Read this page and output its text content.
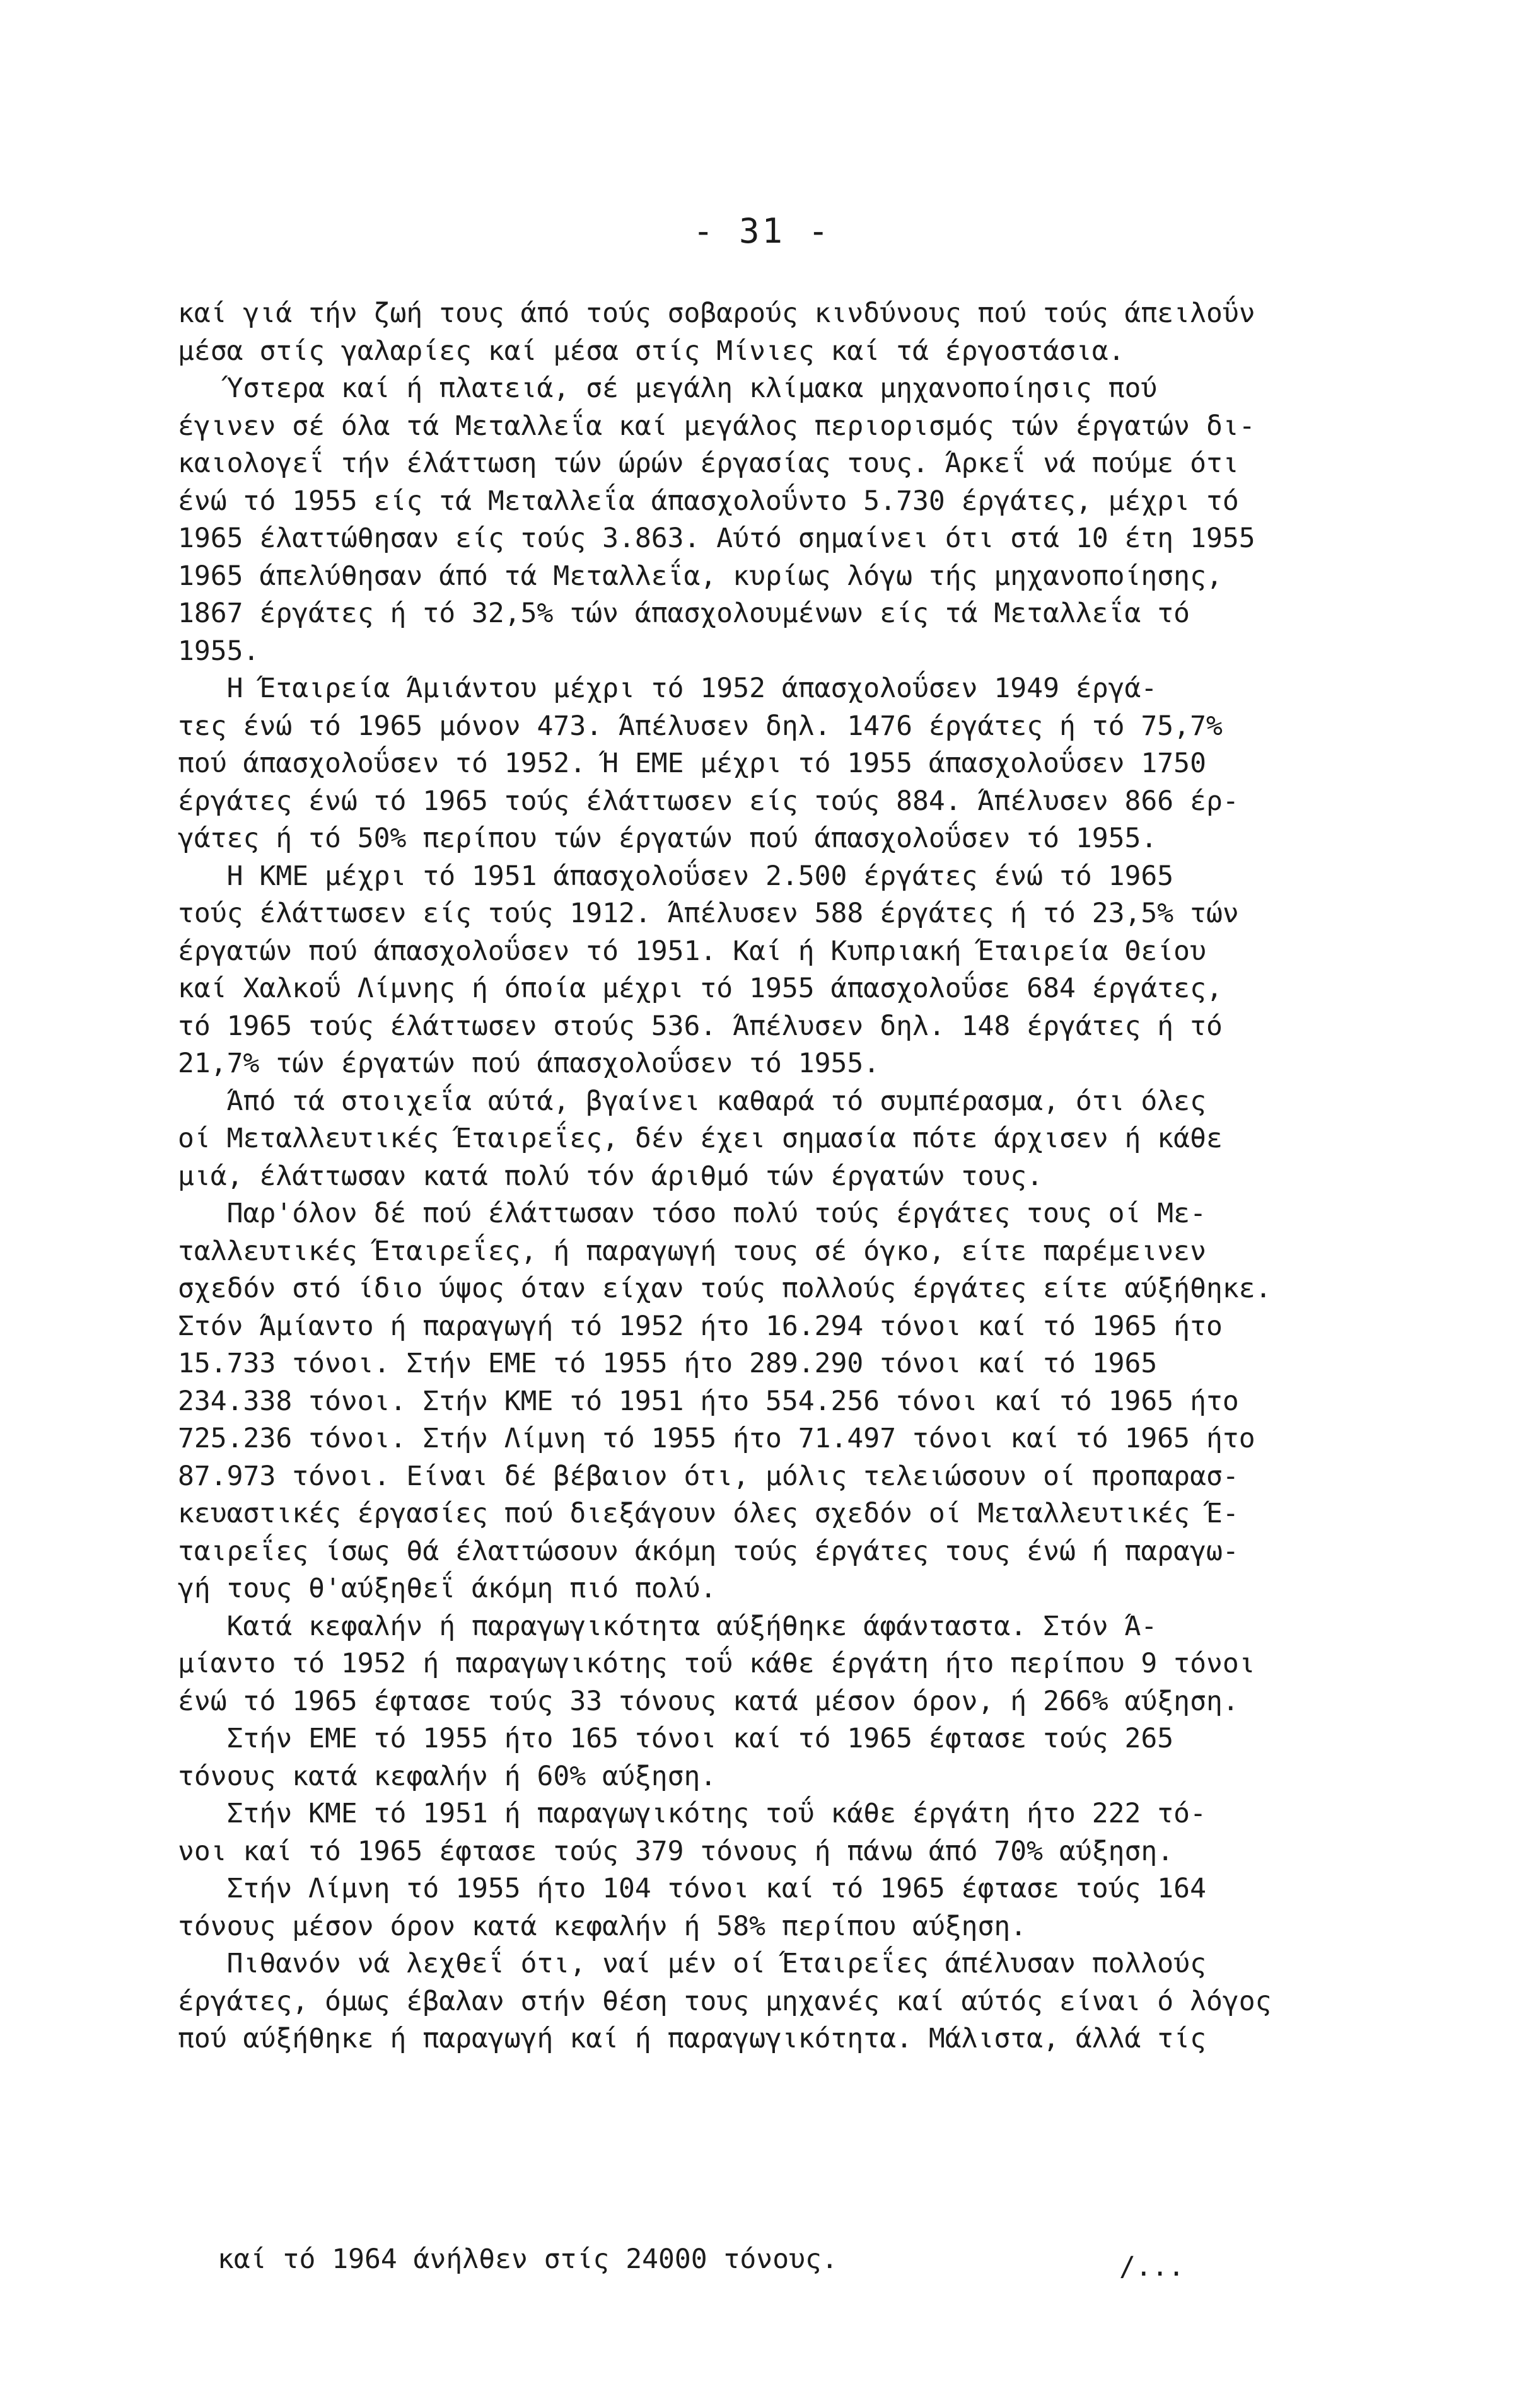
- 31 -
καί γιά τήν ζωή τους άπό τούς σοβαρούς κινδύνους πού τούς άπειλοΰν
μέσα στίς γαλαρίες καί μέσα στίς Μίνιες καί τά έργοστάσια.
Ύστερα καί ή πλατειά, σέ μεγάλη κλίμακα μηχανοποίησις πού
έγινεν σέ όλα τά Μεταλλεΐα καί μεγάλος περιορισμός τών έργατών δι-
καιολογεΐ τήν έλάττωση τών ώρών έργασίας τους. Άρκεΐ νά πούμε ότι
ένώ τό 1955 είς τά Μεταλλεΐα άπασχολοΰντο 5.730 έργάτες, μέχρι τό
1965 έλαττώθησαν είς τούς 3.863. Αύτό σημαίνει ότι στά 10 έτη 1955
1965 άπελύθησαν άπό τά Μεταλλεΐα, κυρίως λόγω τής μηχανοποίησης,
1867 έργάτες ή τό 32,5% τών άπασχολουμένων είς τά Μεταλλεΐα τό
1955.
Η Έταιρεία Άμιάντου μέχρι τό 1952 άπασχολοΰσεν 1949 έργά-
τες ένώ τό 1965 μόνον 473. Άπέλυσεν δηλ. 1476 έργάτες ή τό 75,7%
πού άπασχολοΰσεν τό 1952. Ή ΕΜΕ μέχρι τό 1955 άπασχολοΰσεν 1750
έργάτες ένώ τό 1965 τούς έλάττωσεν είς τούς 884. Άπέλυσεν 866 έρ-
γάτες ή τό 50% περίπου τών έργατών πού άπασχολοΰσεν τό 1955.
Η ΚΜΕ μέχρι τό 1951 άπασχολοΰσεν 2.500 έργάτες ένώ τό 1965
τούς έλάττωσεν είς τούς 1912. Άπέλυσεν 588 έργάτες ή τό 23,5% τών
έργατών πού άπασχολοΰσεν τό 1951. Καί ή Κυπριακή Έταιρεία Θείου
καί Χαλκοΰ Λίμνης ή όποία μέχρι τό 1955 άπασχολοΰσε 684 έργάτες,
τό 1965 τούς έλάττωσεν στούς 536. Άπέλυσεν δηλ. 148 έργάτες ή τό
21,7% τών έργατών πού άπασχολοΰσεν τό 1955.
Άπό τά στοιχεΐα αύτά, βγαίνει καθαρά τό συμπέρασμα, ότι όλες
οί Μεταλλευτικές Έταιρεΐες, δέν έχει σημασία πότε άρχισεν ή κάθε
μιά, έλάττωσαν κατά πολύ τόν άριθμό τών έργατών τους.
Παρ'όλον δέ πού έλάττωσαν τόσο πολύ τούς έργάτες τους οί Με-
ταλλευτικές Έταιρεΐες, ή παραγωγή τους σέ όγκο, είτε παρέμεινεν
σχεδόν στό ίδιο ύψος όταν είχαν τούς πολλούς έργάτες είτε αύξήθηκε.
Στόν Άμίαντο ή παραγωγή τό 1952 ήτο 16.294 τόνοι καί τό 1965 ήτο
15.733 τόνοι. Στήν ΕΜΕ τό 1955 ήτο 289.290 τόνοι καί τό 1965
234.338 τόνοι. Στήν ΚΜΕ τό 1951 ήτο 554.256 τόνοι καί τό 1965 ήτο
725.236 τόνοι. Στήν Λίμνη τό 1955 ήτο 71.497 τόνοι καί τό 1965 ήτο
87.973 τόνοι. Είναι δέ βέβαιον ότι, μόλις τελειώσουν οί προπαρασ-
κευαστικές έργασίες πού διεξάγουν όλες σχεδόν οί Μεταλλευτικές Έ-
ταιρεΐες ίσως θά έλαττώσουν άκόμη τούς έργάτες τους ένώ ή παραγω-
γή τους θ'αύξηθεΐ άκόμη πιό πολύ.
Κατά κεφαλήν ή παραγωγικότητα αύξήθηκε άφάνταστα. Στόν Ά-
μίαντο τό 1952 ή παραγωγικότης τοΰ κάθε έργάτη ήτο περίπου 9 τόνοι
ένώ τό 1965 έφτασε τούς 33 τόνους κατά μέσον όρον, ή 266% αύξηση.
Στήν ΕΜΕ τό 1955 ήτο 165 τόνοι καί τό 1965 έφτασε τούς 265
τόνους κατά κεφαλήν ή 60% αύξηση.
Στήν ΚΜΕ τό 1951 ή παραγωγικότης τοΰ κάθε έργάτη ήτο 222 τό-
νοι καί τό 1965 έφτασε τούς 379 τόνους ή πάνω άπό 70% αύξηση.
Στήν Λίμνη τό 1955 ήτο 104 τόνοι καί τό 1965 έφτασε τούς 164
τόνους μέσον όρον κατά κεφαλήν ή 58% περίπου αύξηση.
Πιθανόν νά λεχθεΐ ότι, ναί μέν οί Έταιρεΐες άπέλυσαν πολλούς
έργάτες, όμως έβαλαν στήν θέση τους μηχανές καί αύτός είναι ό λόγος
πού αύξήθηκε ή παραγωγή καί ή παραγωγικότητα. Μάλιστα, άλλά τίς
καί τό 1964 άνήλθεν στίς 24000 τόνους.	/...
